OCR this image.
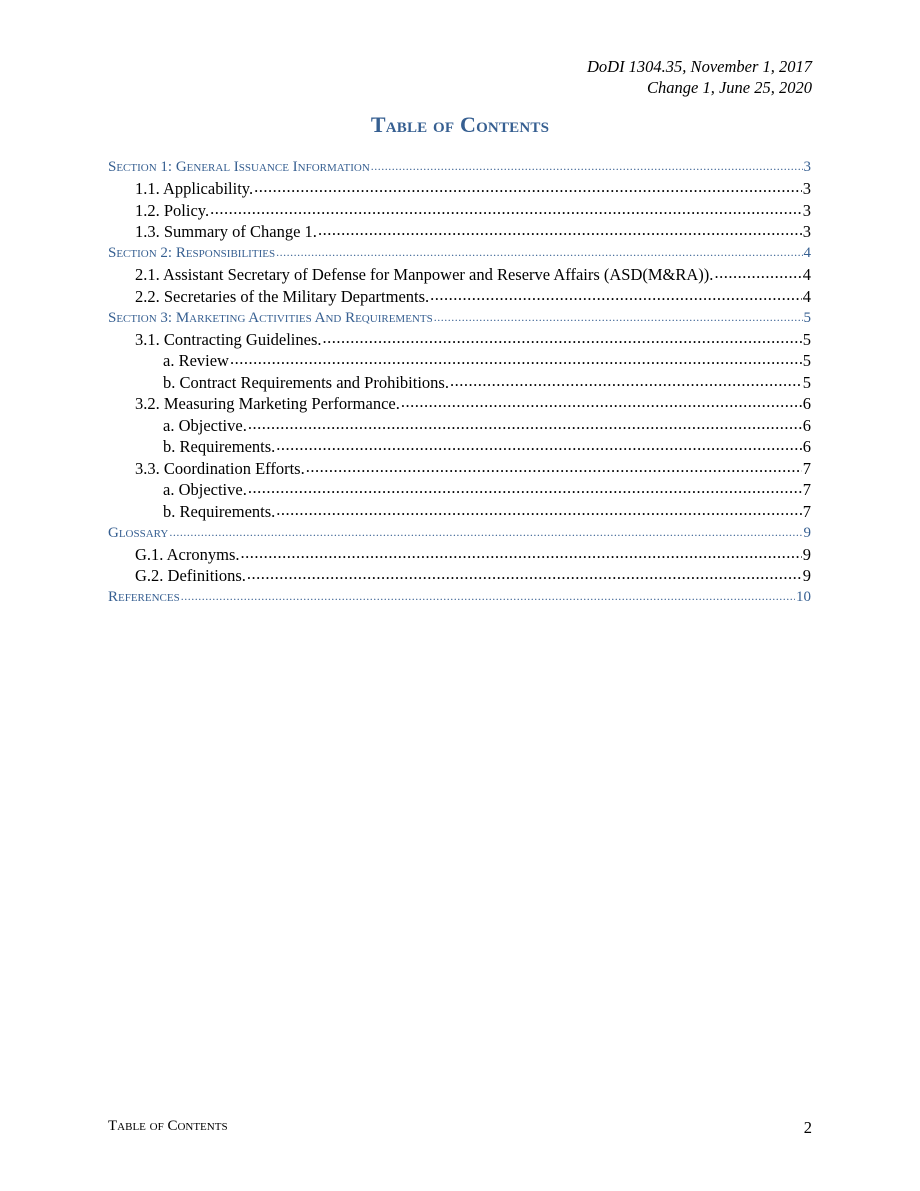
DoDI 1304.35, November 1, 2017
Change 1, June 25, 2020
Table of Contents
Section 1: General Issuance Information .....	3
1.1. Applicability. .....	3
1.2. Policy. .....	3
1.3. Summary of Change 1. .....	3
Section 2: Responsibilities .....	4
2.1. Assistant Secretary of Defense for Manpower and Reserve Affairs (ASD(M&RA)). .....	4
2.2. Secretaries of the Military Departments. .....	4
Section 3: Marketing Activities And Requirements .....	5
3.1. Contracting Guidelines. .....	5
a. Review .....	5
b. Contract Requirements and Prohibitions. .....	5
3.2. Measuring Marketing Performance. .....	6
a. Objective. .....	6
b. Requirements. .....	6
3.3. Coordination Efforts. .....	7
a. Objective. .....	7
b. Requirements. .....	7
Glossary .....	9
G.1. Acronyms. .....	9
G.2. Definitions. .....	9
References .....	10
Table of Contents	2
